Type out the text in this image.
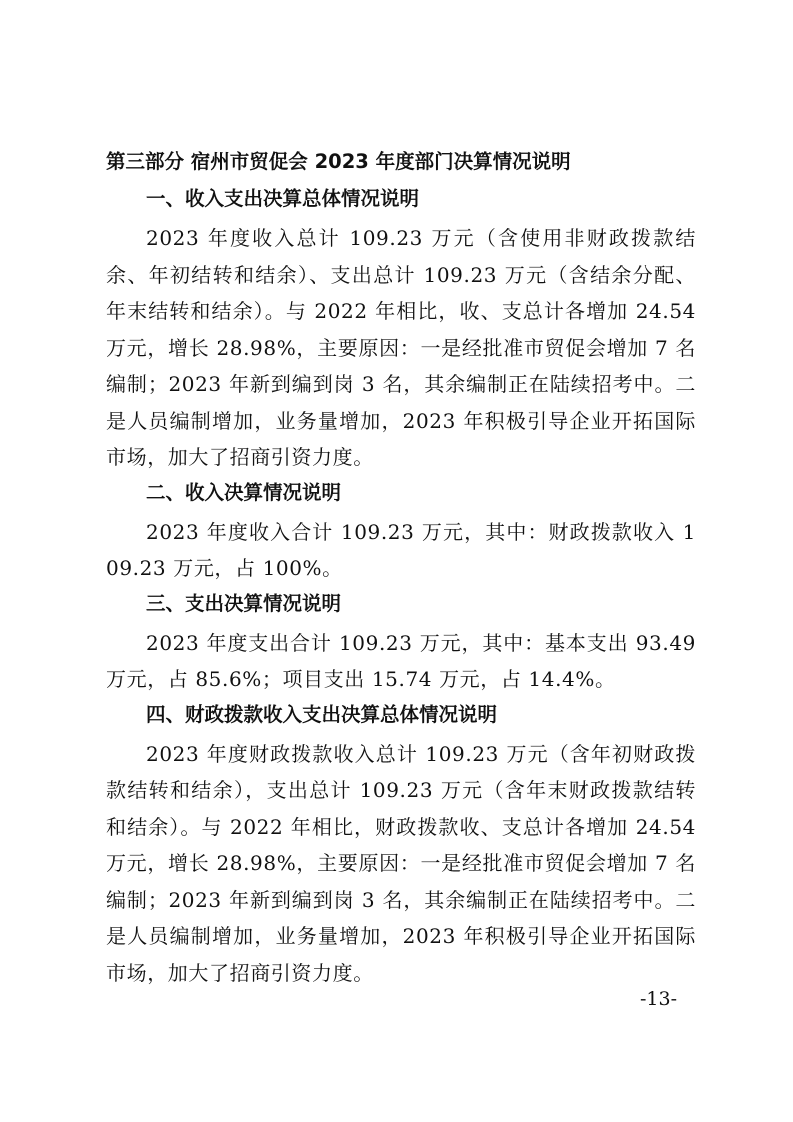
第三部分 宿州市贸促会 2023 年度部门决算情况说明
一、收入支出决算总体情况说明

2023 年度收入总计 109.23 万元（含使用非财政拨款结余、年初结转和结余）、支出总计 109.23 万元（含结余分配、年末结转和结余）。与 2022 年相比，收、支总计各增加 24.54 万元，增长 28.98%，主要原因：一是经批准市贸促会增加 7 名编制；2023 年新到编到岗 3 名，其余编制正在陆续招考中。二是人员编制增加，业务量增加，2023 年积极引导企业开拓国际市场，加大了招商引资力度。

二、收入决算情况说明

2023 年度收入合计 109.23 万元，其中：财政拨款收入 109.23 万元，占 100%。

三、支出决算情况说明

2023 年度支出合计 109.23 万元，其中：基本支出 93.49 万元，占 85.6%；项目支出 15.74 万元，占 14.4%。

四、财政拨款收入支出决算总体情况说明

2023 年度财政拨款收入总计 109.23 万元（含年初财政拨款结转和结余），支出总计 109.23 万元（含年末财政拨款结转和结余）。与 2022 年相比，财政拨款收、支总计各增加 24.54 万元，增长 28.98%，主要原因：一是经批准市贸促会增加 7 名编制；2023 年新到编到岗 3 名，其余编制正在陆续招考中。二是人员编制增加，业务量增加，2023 年积极引导企业开拓国际市场，加大了招商引资力度。

-13-
